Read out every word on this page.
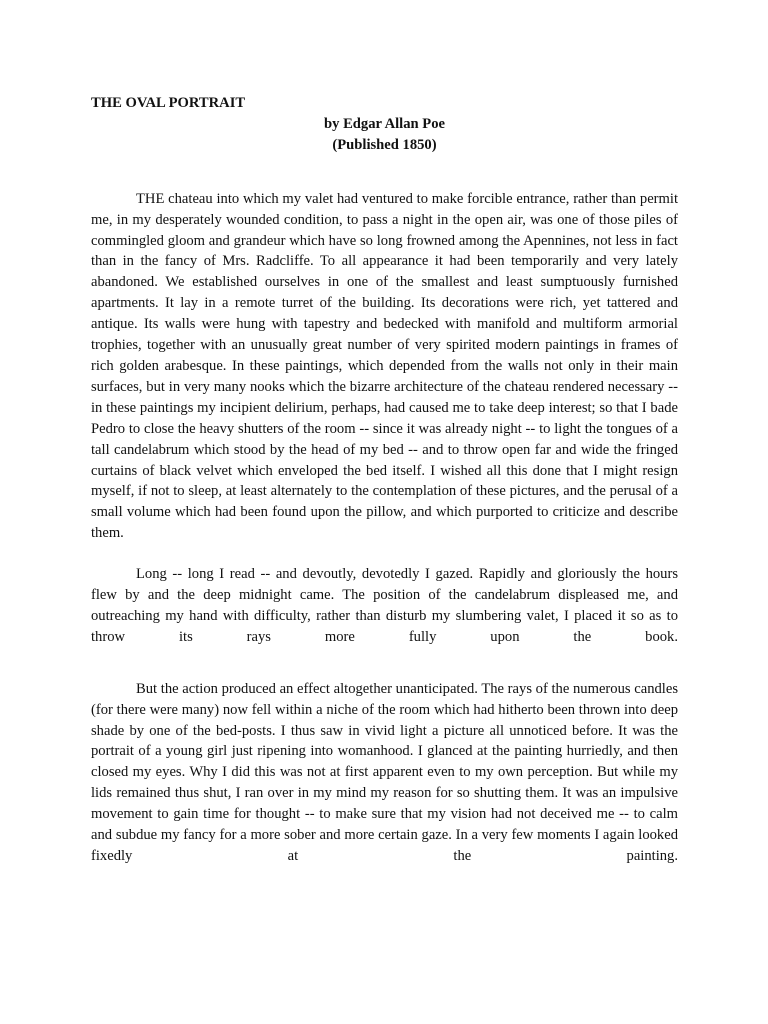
THE OVAL PORTRAIT

by Edgar Allan Poe

(Published 1850)

THE chateau into which my valet had ventured to make forcible entrance, rather than permit me, in my desperately wounded condition, to pass a night in the open air, was one of those piles of commingled gloom and grandeur which have so long frowned among the Apennines, not less in fact than in the fancy of Mrs. Radcliffe. To all appearance it had been temporarily and very lately abandoned. We established ourselves in one of the smallest and least sumptuously furnished apartments. It lay in a remote turret of the building. Its decorations were rich, yet tattered and antique. Its walls were hung with tapestry and bedecked with manifold and multiform armorial trophies, together with an unusually great number of very spirited modern paintings in frames of rich golden arabesque. In these paintings, which depended from the walls not only in their main surfaces, but in very many nooks which the bizarre architecture of the chateau rendered necessary -- in these paintings my incipient delirium, perhaps, had caused me to take deep interest; so that I bade Pedro to close the heavy shutters of the room -- since it was already night -- to light the tongues of a tall candelabrum which stood by the head of my bed -- and to throw open far and wide the fringed curtains of black velvet which enveloped the bed itself. I wished all this done that I might resign myself, if not to sleep, at least alternately to the contemplation of these pictures, and the perusal of a small volume which had been found upon the pillow, and which purported to criticize and describe them.

Long -- long I read -- and devoutly, devotedly I gazed. Rapidly and gloriously the hours flew by and the deep midnight came. The position of the candelabrum displeased me, and outreaching my hand with difficulty, rather than disturb my slumbering valet, I placed it so as to throw its rays more fully upon the book.

But the action produced an effect altogether unanticipated. The rays of the numerous candles (for there were many) now fell within a niche of the room which had hitherto been thrown into deep shade by one of the bed-posts. I thus saw in vivid light a picture all unnoticed before. It was the portrait of a young girl just ripening into womanhood. I glanced at the painting hurriedly, and then closed my eyes. Why I did this was not at first apparent even to my own perception. But while my lids remained thus shut, I ran over in my mind my reason for so shutting them. It was an impulsive movement to gain time for thought -- to make sure that my vision had not deceived me -- to calm and subdue my fancy for a more sober and more certain gaze. In a very few moments I again looked fixedly at the painting.
